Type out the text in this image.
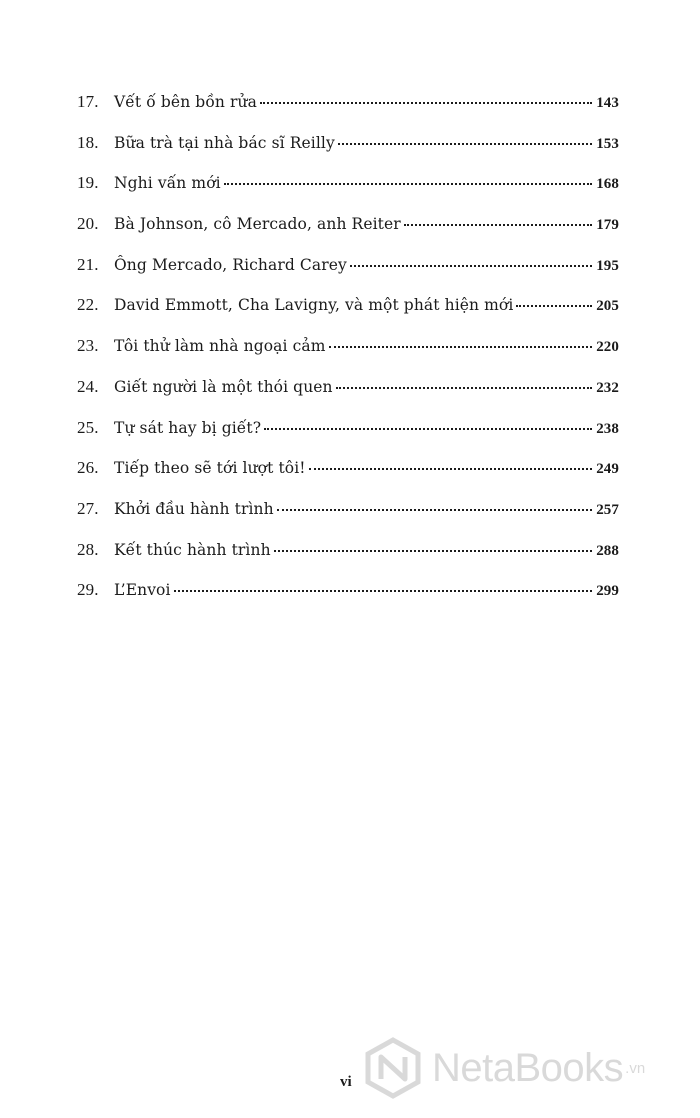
17. Vết ố bên bồn rửa	143
18. Bữa trà tại nhà bác sĩ Reilly	153
19. Nghi vấn mới	168
20. Bà Johnson, cô Mercado, anh Reiter	179
21. Ông Mercado, Richard Carey	195
22. David Emmott, Cha Lavigny, và một phát hiện mới	205
23. Tôi thử làm nhà ngoại cảm	220
24. Giết người là một thói quen	232
25. Tự sát hay bị giết?	238
26. Tiếp theo sẽ tới lượt tôi!	249
27. Khởi đầu hành trình	257
28. Kết thúc hành trình	288
29. L’Envoi	299
vi NetaBooks .vn
